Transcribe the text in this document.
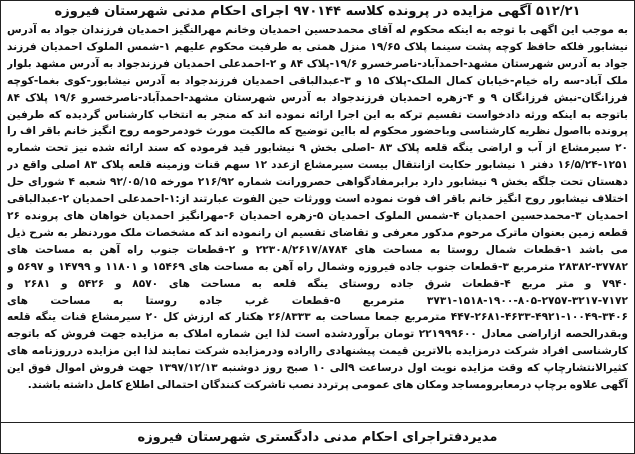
۵۱۲/۲۱ آگهی مزایده در پرونده کلاسه ۹۷۰۱۴۴ اجرای احکام مدنی شهرستان فیروزه

به موجب این اگهی با توجه به اینکه محکوم له آقای محمدحسین احمدیان وخانم مهرالنگیز احمدیان فرزندان جواد به آدرس نیشابور فلکه حافظ کوچه پشت سینما پلاک ۱۹/۶۵ منزل همتی به طرفیت محکوم علیهم ۱-شمس الملوک احمدیان فرزند جواد به آدرس شهرستان مشهد-احمدآباد-ناصرخسرو ۱۹/۶-پلاک ۸۴ و ۲-احمدعلی احمدیان فرزندجواد به آدرس مشهد بلوار ملک آباد-سه راه خیام-خیابان کمال الملک-پلاک ۱۵ و ۳-عبدالباقی احمدیان فرزندجواد به آدرس نیشابور-کوی بغما-کوچه فرزانگان-نبش فرزانگان ۹ و ۴-زهره احمدیان فرزندجواد به آدرس شهرستان مشهد-احمدآباد-ناصرخسرو ۱۹/۶ پلاک ۸۴ باتوجه به اینکه ورثه دادخواست تقسیم ترکه به این اجرا ارائه نموده اند که منجر به انتخاب کارشناس گردیده که طرفین پرونده بااصول نظریه کارشناسی وباحضور محکوم له بااین توضیح که مالکیت مورث خودمرحومه روح انگیز خانم باقر اف را ۲۰ سیرمشاع از آب و اراضی ینگه قلعه پلاک ۸۳ -اصلی بخش ۹ نیشابور قید فرموده که سند ارائه شده نیز تحت شماره ۱۲۵۱-۱۶/۵/۲۴ دفتر ۱ نیشابور حکایت ازانتقال بیست سیرمشاع ازعدد ۱۲ سهم قنات وزمینه قلعه پلاک ۸۳ اصلی واقع در دهستان تحت جلگه بخش ۹ نیشابور دارد برابرمفادگواهی حصرورانت شماره ۲۱۶/۹۲ مورخه ۹۲/۰۵/۱۵ شعبه ۴ شورای حل اختلاف نیشابور روح انگیز خانم باقر اف فوت نموده است وورثات حین الفوت عبارتند از:۱-احمدعلی احمدیان ۲-عبدالباقی احمدیان ۳-محمدحسین احمدیان ۴-شمس الملوک احمدیان ۵-زهره احمدیان ۶-مهرانگیز احمدیان خواهان های پرونده ۲۶ قطعه زمین بعنوان ماترک مرحوم مدکور معرفی و تقاضای تقسیم ان رانموده اند که مشخصات ملک موردنظر به شرح ذیل می باشد ۱-قطعات شمال روستا به مساحت های ۲۲۳۰۸/۲۶۱۷/۸۷۸۴ و ۲-قطعات جنوب راه آهن به مساحت های ۳۷۷۸۲-۲۸۳۸۲ مترمربع ۳-قطعات جنوب جاده فیروزه وشمال راه آهن به مساحت های ۱۵۴۶۹ و ۱۱۸۰۱ و ۱۴۷۹۹ و ۵۶۹۷ و ۷۹۴۰ و متر مربع ۴-قطعات شرق جاده روستای ینگه قلعه به مساحت های ۸۵۷۰ و ۵۴۲۶ و ۲۶۸۱ و ۷۱۷۲-۳۲۱۷-۲۷۵۷-۸۰۵-۱۹۰۰-۱۵۱۸-۳۷۳۱ مترمربع ۵-قطعات غرب جاده روستا به مساحت های ۳۴۰۶-۱۰۰۴۹-۴۹۲۱-۴۶۳۳-۲۶۸۱-۴۴۷ مترمربع جمعا مساحت به ۲۶/۸۳۳۳ هکتار که ارزش کل ۲۰ سیرمشاع قنات ینگه قلعه وبقدرالحصه ازاراضی معادل ۲۲۱۹۹۹۶۰۰ تومان برآوردشده است لذا این شماره املاک به مزایده جهت فروش که باتوجه کارشناسی افراد شرکت درمزایده بالاترین قیمت پیشنهادی رااراده ودرمزایده شرکت نمایند لذا این مزایده درروزنامه های کثیرالانتشارچاپ که وقت مزایده نوبت اول درساعت ۹الی ۱۰ صبح روز دوشنبه ۱۳۹۷/۱۲/۱۳ جهت فروش اموال فوق این آگهی علاوه برچاپ درمعابرومساجد ومکان های عمومی پرتردد نصب تاشرکت کنندگان احتمالی اطلاع کامل داشته باشند.

مدیردفتراجرای احکام مدنی دادگستری شهرستان فیروزه
